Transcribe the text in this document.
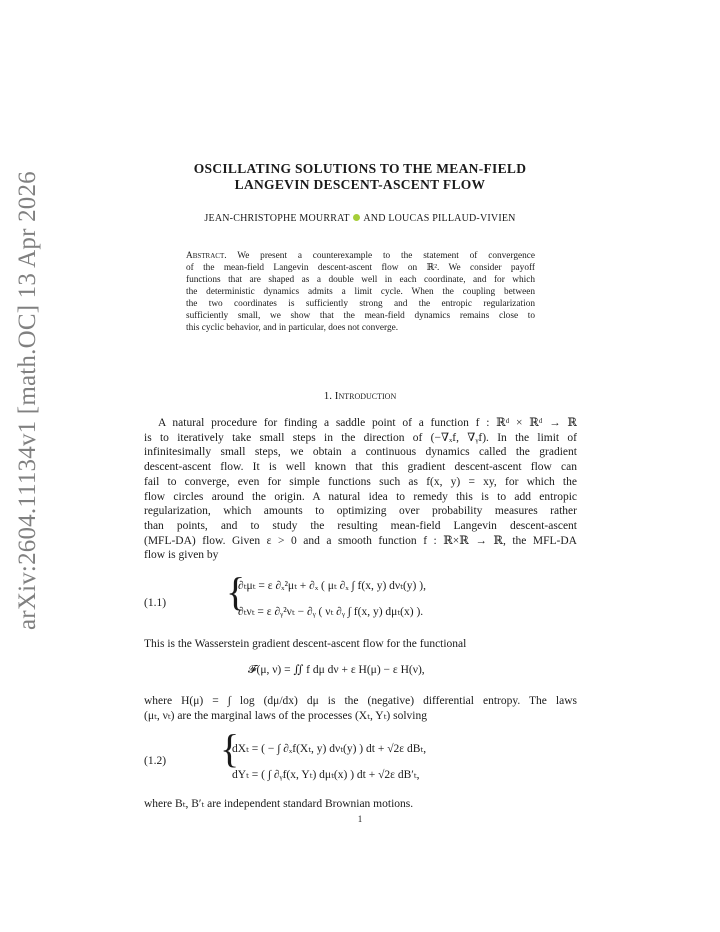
arXiv:2604.11134v1 [math.OC] 13 Apr 2026
OSCILLATING SOLUTIONS TO THE MEAN-FIELD
LANGEVIN DESCENT-ASCENT FLOW
JEAN-CHRISTOPHE MOURRAT  AND LOUCAS PILLAUD-VIVIEN
Abstract. We present a counterexample to the statement of convergence
of the mean-field Langevin descent-ascent flow on ℝ². We consider payoff
functions that are shaped as a double well in each coordinate, and for which
the deterministic dynamics admits a limit cycle. When the coupling between
the two coordinates is sufficiently strong and the entropic regularization
sufficiently small, we show that the mean-field dynamics remains close to
this cyclic behavior, and in particular, does not converge.
1. Introduction
A natural procedure for finding a saddle point of a function f : ℝᵈ × ℝᵈ → ℝ
is to iteratively take small steps in the direction of (−∇ₓf, ∇ᵧf). In the limit of
infinitesimally small steps, we obtain a continuous dynamics called the gradient
descent-ascent flow. It is well known that this gradient descent-ascent flow can
fail to converge, even for simple functions such as f(x, y) = xy, for which the
flow circles around the origin. A natural idea to remedy this is to add entropic
regularization, which amounts to optimizing over probability measures rather
than points, and to study the resulting mean-field Langevin descent-ascent
(MFL-DA) flow. Given ε > 0 and a smooth function f : ℝ×ℝ → ℝ, the MFL-DA
flow is given by
(1.1) {
∂ₜμₜ = ε ∂ₓ²μₜ + ∂ₓ ( μₜ ∂ₓ ∫ f(x, y) dνₜ(y) ),
∂ₜνₜ = ε ∂ᵧ²νₜ − ∂ᵧ ( νₜ ∂ᵧ ∫ f(x, y) dμₜ(x) ).
This is the Wasserstein gradient descent-ascent flow for the functional
𝓕(μ, ν) = ∬ f dμ dν + ε H(μ) − ε H(ν),
where H(μ) = ∫ log (dμ/dx) dμ is the (negative) differential entropy. The laws
(μₜ, νₜ) are the marginal laws of the processes (Xₜ, Yₜ) solving
(1.2) {
dXₜ = ( − ∫ ∂ₓf(Xₜ, y) dνₜ(y) ) dt + √2ε dBₜ,
dYₜ = ( ∫ ∂ᵧf(x, Yₜ) dμₜ(x) ) dt + √2ε dB′ₜ,
where Bₜ, B′ₜ are independent standard Brownian motions.
1
